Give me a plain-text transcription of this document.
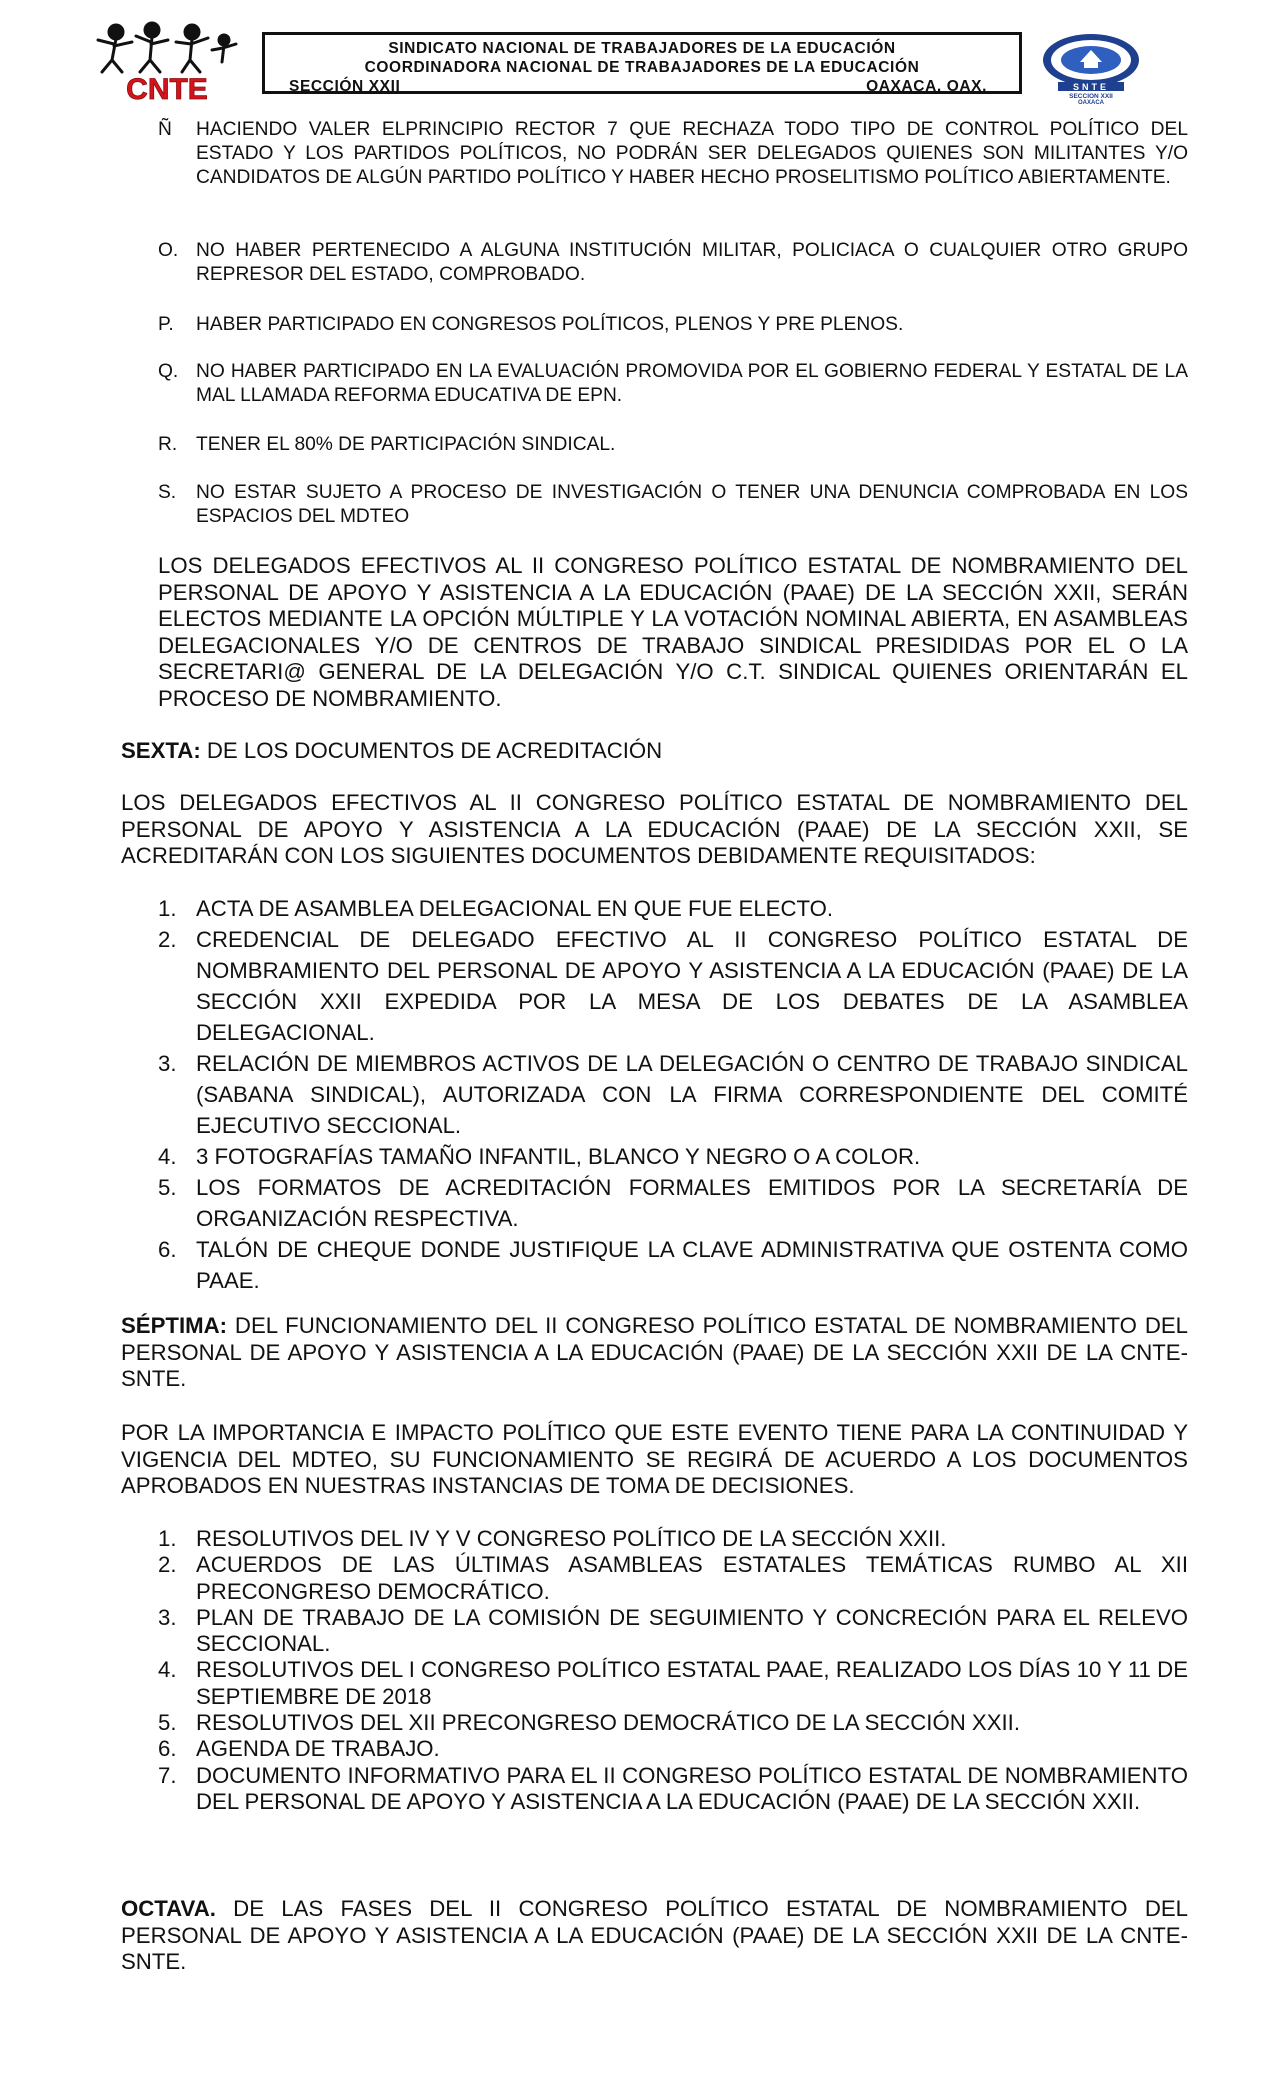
CNTE
SINDICATO NACIONAL DE TRABAJADORES DE LA EDUCACIÓN
COORDINADORA NACIONAL DE TRABAJADORES DE LA EDUCACIÓN
SECCIÓN XXII	OAXACA, OAX.	SNTE
SECCION XXII
OAXACA
Ñ HACIENDO VALER ELPRINCIPIO RECTOR 7 QUE RECHAZA TODO TIPO DE CONTROL POLÍTICO DEL ESTADO Y LOS PARTIDOS POLÍTICOS, NO PODRÁN SER DELEGADOS QUIENES SON MILITANTES Y/O CANDIDATOS DE ALGÚN PARTIDO POLÍTICO Y HABER HECHO PROSELITISMO POLÍTICO ABIERTAMENTE.
O. NO HABER PERTENECIDO A ALGUNA INSTITUCIÓN MILITAR, POLICIACA O CUALQUIER OTRO GRUPO REPRESOR DEL ESTADO, COMPROBADO.
P. HABER PARTICIPADO EN CONGRESOS POLÍTICOS, PLENOS Y PRE PLENOS.
Q. NO HABER PARTICIPADO EN LA EVALUACIÓN PROMOVIDA POR EL GOBIERNO FEDERAL Y ESTATAL DE LA MAL LLAMADA REFORMA EDUCATIVA DE EPN.
R. TENER EL 80% DE PARTICIPACIÓN SINDICAL.
S. NO ESTAR SUJETO A PROCESO DE INVESTIGACIÓN O TENER UNA DENUNCIA COMPROBADA EN LOS ESPACIOS DEL MDTEO
LOS DELEGADOS EFECTIVOS AL II CONGRESO POLÍTICO ESTATAL DE NOMBRAMIENTO DEL PERSONAL DE APOYO Y ASISTENCIA A LA EDUCACIÓN (PAAE) DE LA SECCIÓN XXII, SERÁN ELECTOS MEDIANTE LA OPCIÓN MÚLTIPLE Y LA VOTACIÓN NOMINAL ABIERTA, EN ASAMBLEAS DELEGACIONALES Y/O DE CENTROS DE TRABAJO SINDICAL PRESIDIDAS POR EL O LA SECRETARI@ GENERAL DE LA DELEGACIÓN Y/O C.T. SINDICAL QUIENES ORIENTARÁN EL PROCESO DE NOMBRAMIENTO.
SEXTA: DE LOS DOCUMENTOS DE ACREDITACIÓN
LOS DELEGADOS EFECTIVOS AL II CONGRESO POLÍTICO ESTATAL DE NOMBRAMIENTO DEL PERSONAL DE APOYO Y ASISTENCIA A LA EDUCACIÓN (PAAE) DE LA SECCIÓN XXII, SE ACREDITARÁN CON LOS SIGUIENTES DOCUMENTOS DEBIDAMENTE REQUISITADOS:
1. ACTA DE ASAMBLEA DELEGACIONAL EN QUE FUE ELECTO.
2. CREDENCIAL DE DELEGADO EFECTIVO AL II CONGRESO POLÍTICO ESTATAL DE NOMBRAMIENTO DEL PERSONAL DE APOYO Y ASISTENCIA A LA EDUCACIÓN (PAAE) DE LA SECCIÓN XXII EXPEDIDA POR LA MESA DE LOS DEBATES DE LA ASAMBLEA DELEGACIONAL.
3. RELACIÓN DE MIEMBROS ACTIVOS DE LA DELEGACIÓN O CENTRO DE TRABAJO SINDICAL (SABANA SINDICAL), AUTORIZADA CON LA FIRMA CORRESPONDIENTE DEL COMITÉ EJECUTIVO SECCIONAL.
4. 3 FOTOGRAFÍAS TAMAÑO INFANTIL, BLANCO Y NEGRO O A COLOR.
5. LOS FORMATOS DE ACREDITACIÓN FORMALES EMITIDOS POR LA SECRETARÍA DE ORGANIZACIÓN RESPECTIVA.
6. TALÓN DE CHEQUE DONDE JUSTIFIQUE LA CLAVE ADMINISTRATIVA QUE OSTENTA COMO PAAE.
SÉPTIMA: DEL FUNCIONAMIENTO DEL II CONGRESO POLÍTICO ESTATAL DE NOMBRAMIENTO DEL PERSONAL DE APOYO Y ASISTENCIA A LA EDUCACIÓN (PAAE) DE LA SECCIÓN XXII DE LA CNTE- SNTE.
POR LA IMPORTANCIA E IMPACTO POLÍTICO QUE ESTE EVENTO TIENE PARA LA CONTINUIDAD Y VIGENCIA DEL MDTEO, SU FUNCIONAMIENTO SE REGIRÁ DE ACUERDO A LOS DOCUMENTOS APROBADOS EN NUESTRAS INSTANCIAS DE TOMA DE DECISIONES.
1. RESOLUTIVOS DEL IV Y V CONGRESO POLÍTICO DE LA SECCIÓN XXII.
2. ACUERDOS DE LAS ÚLTIMAS ASAMBLEAS ESTATALES TEMÁTICAS RUMBO AL XII PRECONGRESO DEMOCRÁTICO.
3. PLAN DE TRABAJO DE LA COMISIÓN DE SEGUIMIENTO Y CONCRECIÓN PARA EL RELEVO SECCIONAL.
4. RESOLUTIVOS DEL I CONGRESO POLÍTICO ESTATAL PAAE, REALIZADO LOS DÍAS 10 Y 11 DE SEPTIEMBRE DE 2018
5. RESOLUTIVOS DEL XII PRECONGRESO DEMOCRÁTICO DE LA SECCIÓN XXII.
6. AGENDA DE TRABAJO.
7. DOCUMENTO INFORMATIVO PARA EL II CONGRESO POLÍTICO ESTATAL DE NOMBRAMIENTO DEL PERSONAL DE APOYO Y ASISTENCIA A LA EDUCACIÓN (PAAE) DE LA SECCIÓN XXII.
OCTAVA. DE LAS FASES DEL II CONGRESO POLÍTICO ESTATAL DE NOMBRAMIENTO DEL PERSONAL DE APOYO Y ASISTENCIA A LA EDUCACIÓN (PAAE) DE LA SECCIÓN XXII DE LA CNTE- SNTE.
